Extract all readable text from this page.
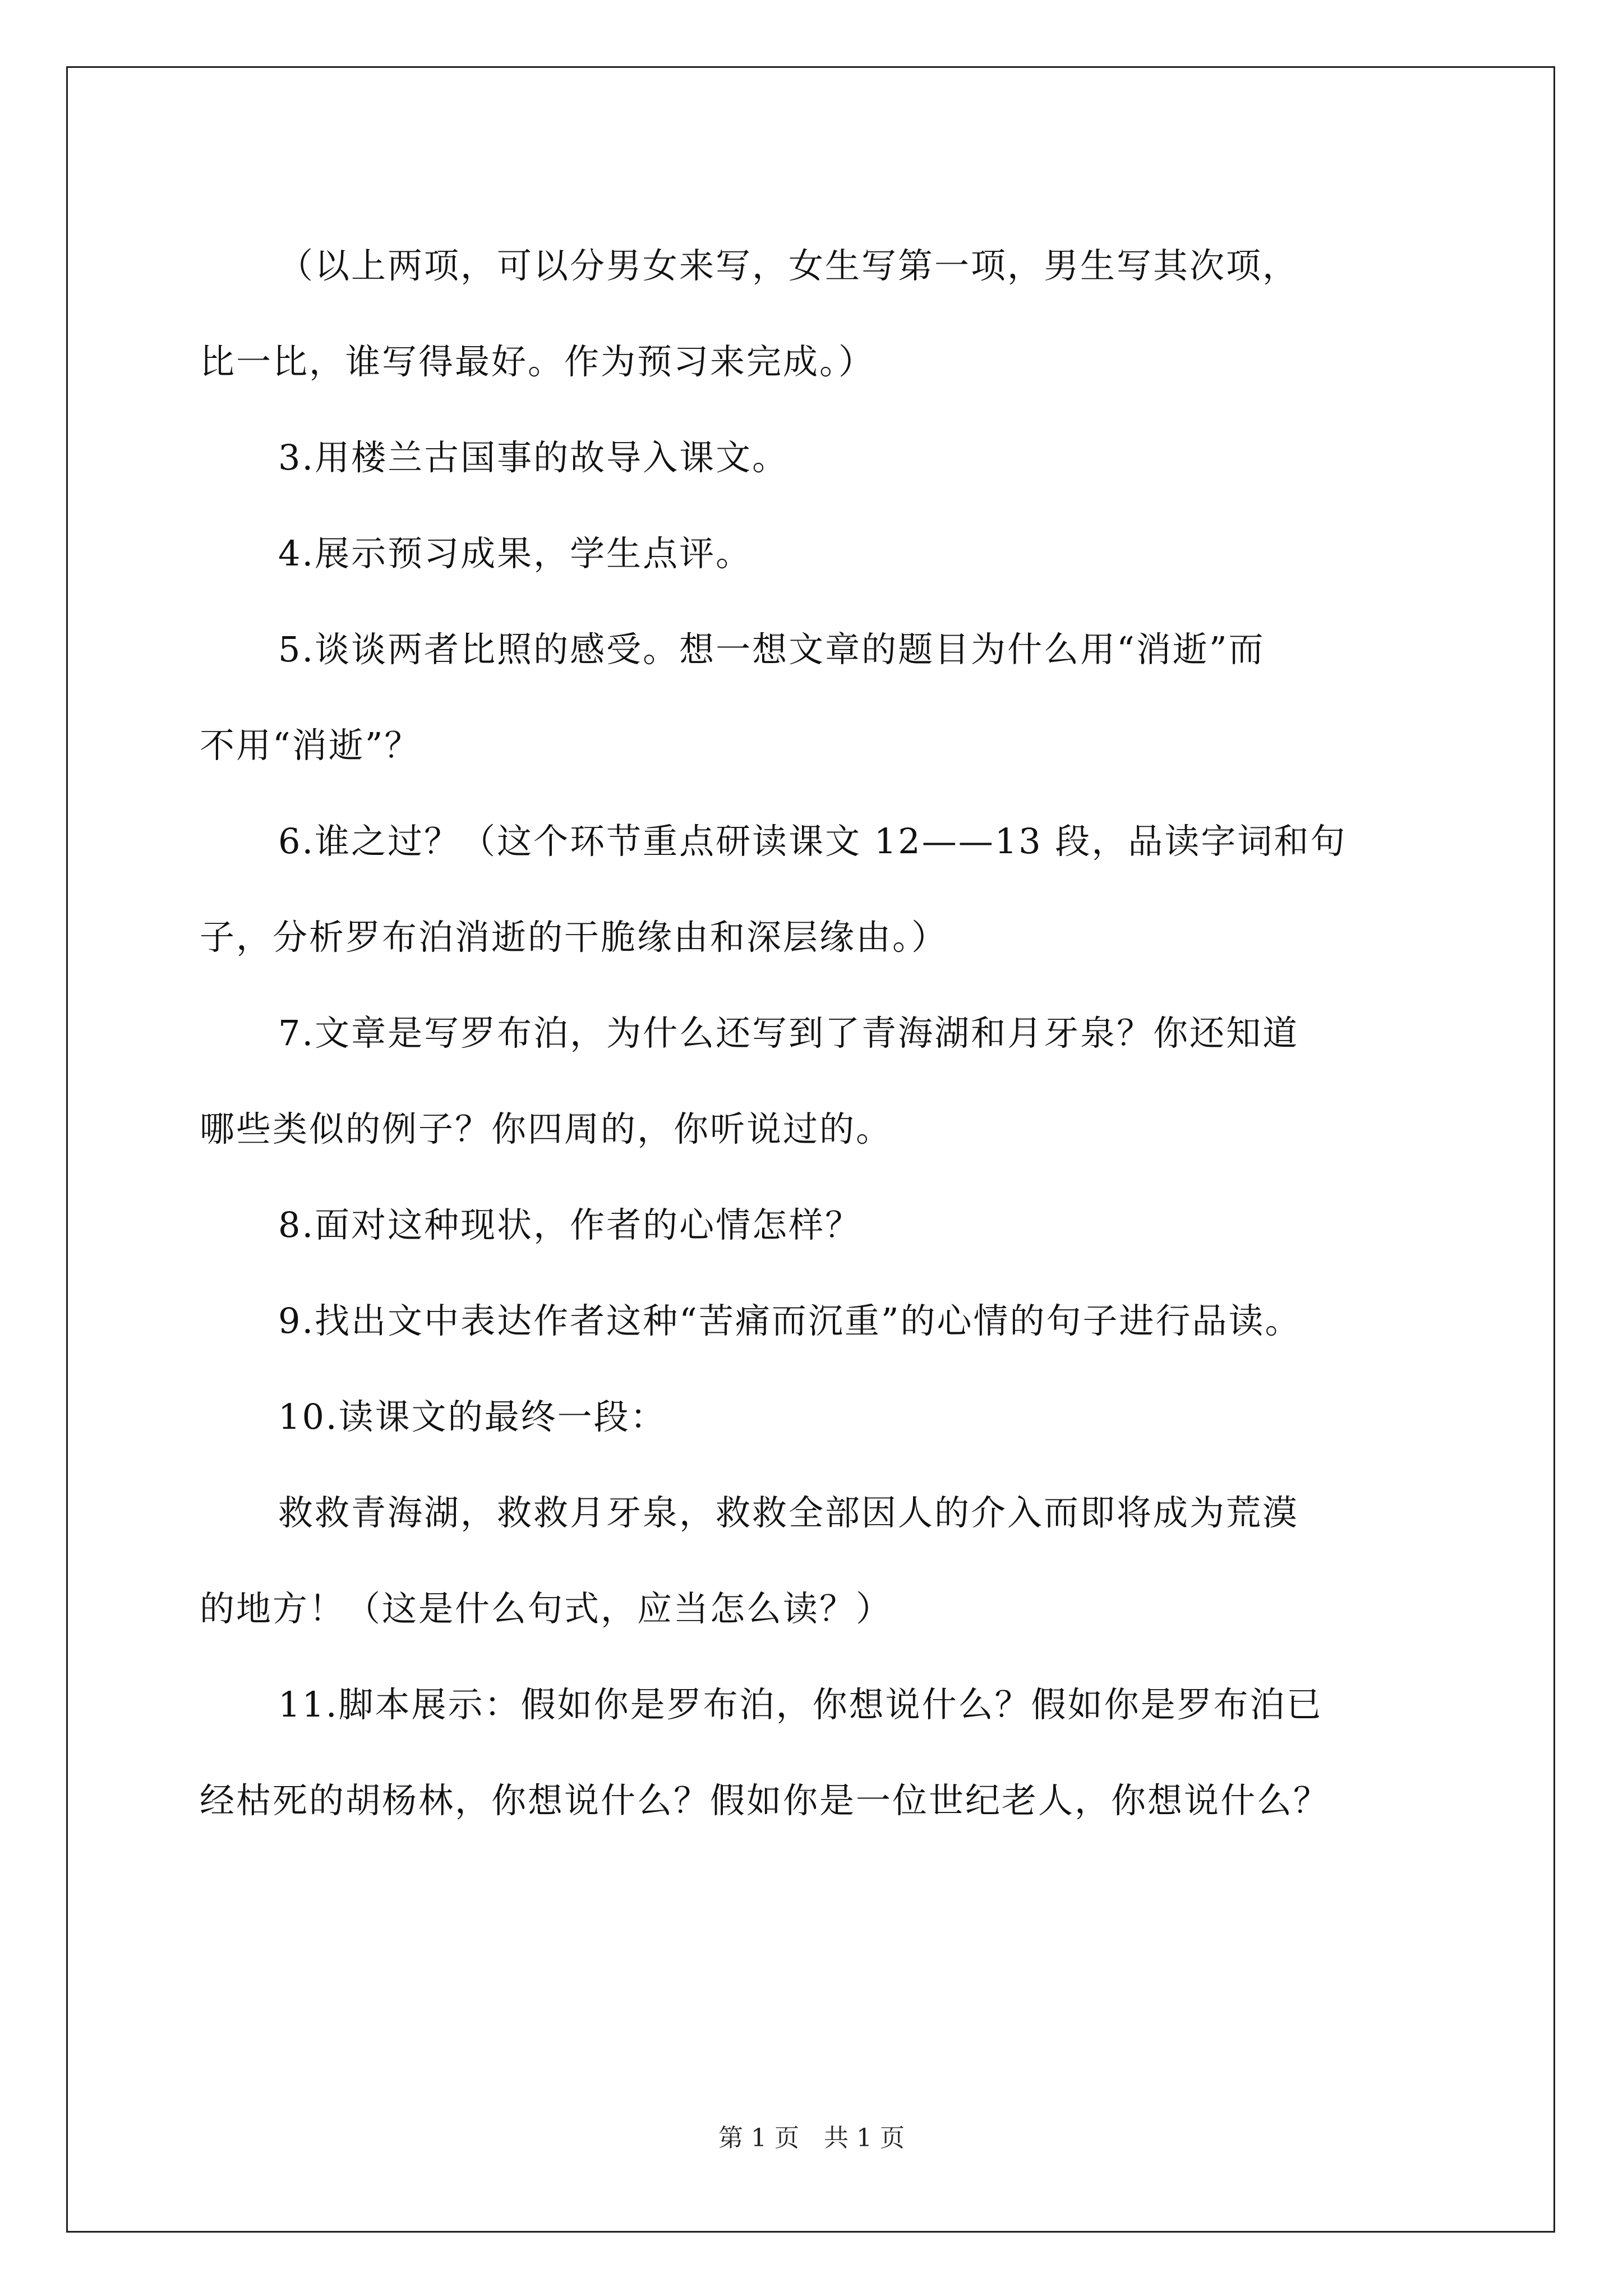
（以上两项，可以分男女来写，女生写第一项，男生写其次项，

比一比，谁写得最好。作为预习来完成。）

3.用楼兰古国事的故导入课文。

4.展示预习成果，学生点评。

5.谈谈两者比照的感受。想一想文章的题目为什么用“消逝”而

不用“消逝”？

6.谁之过？（这个环节重点研读课文 12——13 段，品读字词和句

子，分析罗布泊消逝的干脆缘由和深层缘由。）

7.文章是写罗布泊，为什么还写到了青海湖和月牙泉？你还知道

哪些类似的例子？你四周的，你听说过的。

8.面对这种现状，作者的心情怎样？

9.找出文中表达作者这种“苦痛而沉重”的心情的句子进行品读。

10.读课文的最终一段：

救救青海湖，救救月牙泉，救救全部因人的介入而即将成为荒漠

的地方！（这是什么句式，应当怎么读？）

11.脚本展示：假如你是罗布泊，你想说什么？假如你是罗布泊已

经枯死的胡杨林，你想说什么？假如你是一位世纪老人，你想说什么？

第 1 页　共 1 页
